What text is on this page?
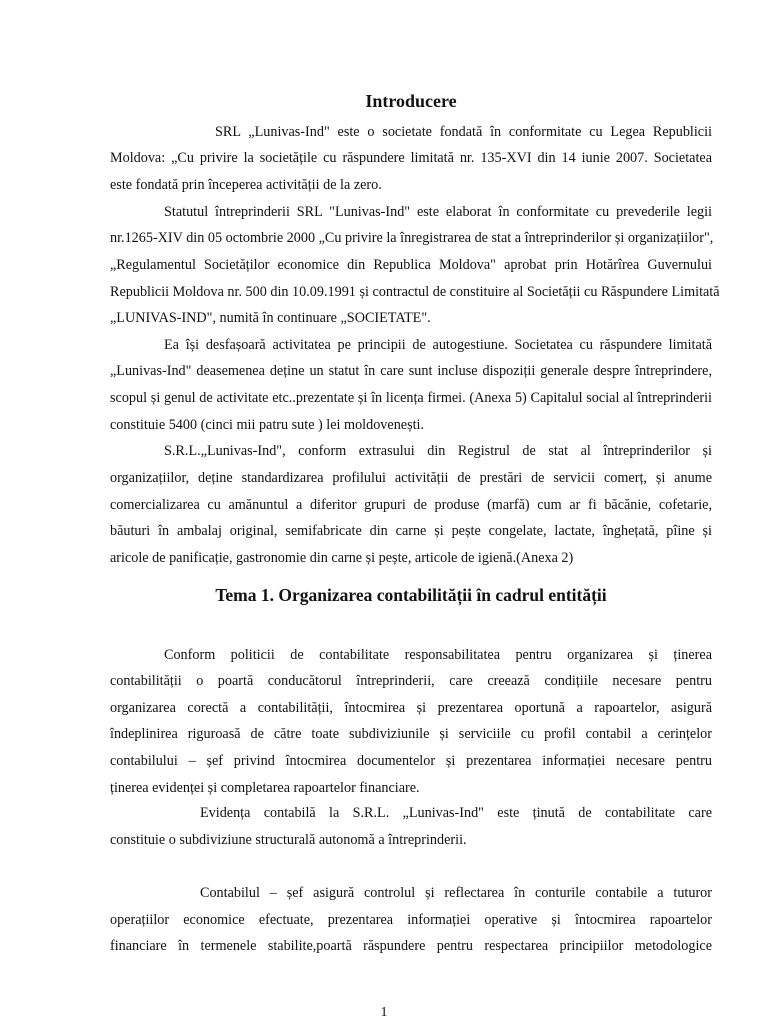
Introducere
SRL „Lunivas-Ind" este o societate fondată în conformitate cu Legea Republicii
Moldova: „Cu privire la societățile cu răspundere limitată nr. 135-XVI din 14 iunie 2007. Societatea
este fondată prin începerea activității de la zero.
Statutul întreprinderii SRL "Lunivas-Ind" este elaborat în conformitate cu prevederile legii
nr.1265-XIV din 05 octombrie 2000 „Cu privire la înregistrarea de stat a întreprinderilor și organizațiilor",
„Regulamentul Societăților economice din Republica Moldova" aprobat prin Hotărîrea Guvernului
Republicii Moldova nr. 500 din 10.09.1991 și contractul de constituire al Societății cu Răspundere Limitată
„LUNIVAS-IND", numită în continuare „SOCIETATE".
Ea își desfașoară activitatea pe principii de autogestiune. Societatea cu răspundere limitată
„Lunivas-Ind" deasemenea deține un statut în care sunt incluse dispoziții generale despre întreprindere,
scopul și genul de activitate etc..prezentate și în licența firmei. (Anexa 5) Capitalul social al întreprinderii
constituie 5400 (cinci mii patru sute ) lei moldovenești.
S.R.L.„Lunivas-Ind", conform extrasului din Registrul de stat al întreprinderilor și
organizațiilor, deține standardizarea profilului activității de prestări de servicii comerț, și anume
comercializarea cu amănuntul a diferitor grupuri de produse (marfă) cum ar fi băcănie, cofetarie,
băuturi în ambalaj original, semifabricate din carne și pește congelate, lactate, înghețată, pîine și
aricole de panificație, gastronomie din carne și pește, articole de igienă.(Anexa 2)
Tema 1. Organizarea contabilității în cadrul entității
Conform politicii de contabilitate responsabilitatea pentru organizarea și ținerea
contabilității o poartă conducătorul întreprinderii, care creează condițiile necesare pentru
organizarea corectă a contabilității, întocmirea și prezentarea oportună a rapoartelor, asigură
îndeplinirea riguroasă de către toate subdiviziunile și serviciile cu profil contabil a cerințelor
contabilului – șef privind întocmirea documentelor și prezentarea informației necesare pentru
ținerea evidenței și completarea rapoartelor financiare.
Evidența contabilă la S.R.L. „Lunivas-Ind" este ținută de contabilitate care
constituie o subdiviziune structurală autonomă a întreprinderii.
Contabilul – șef asigură controlul și reflectarea în conturile contabile a tuturor
operațiilor economice efectuate, prezentarea informației operative și întocmirea rapoartelor
financiare în termenele stabilite,poartă răspundere pentru respectarea principiilor metodologice
1
